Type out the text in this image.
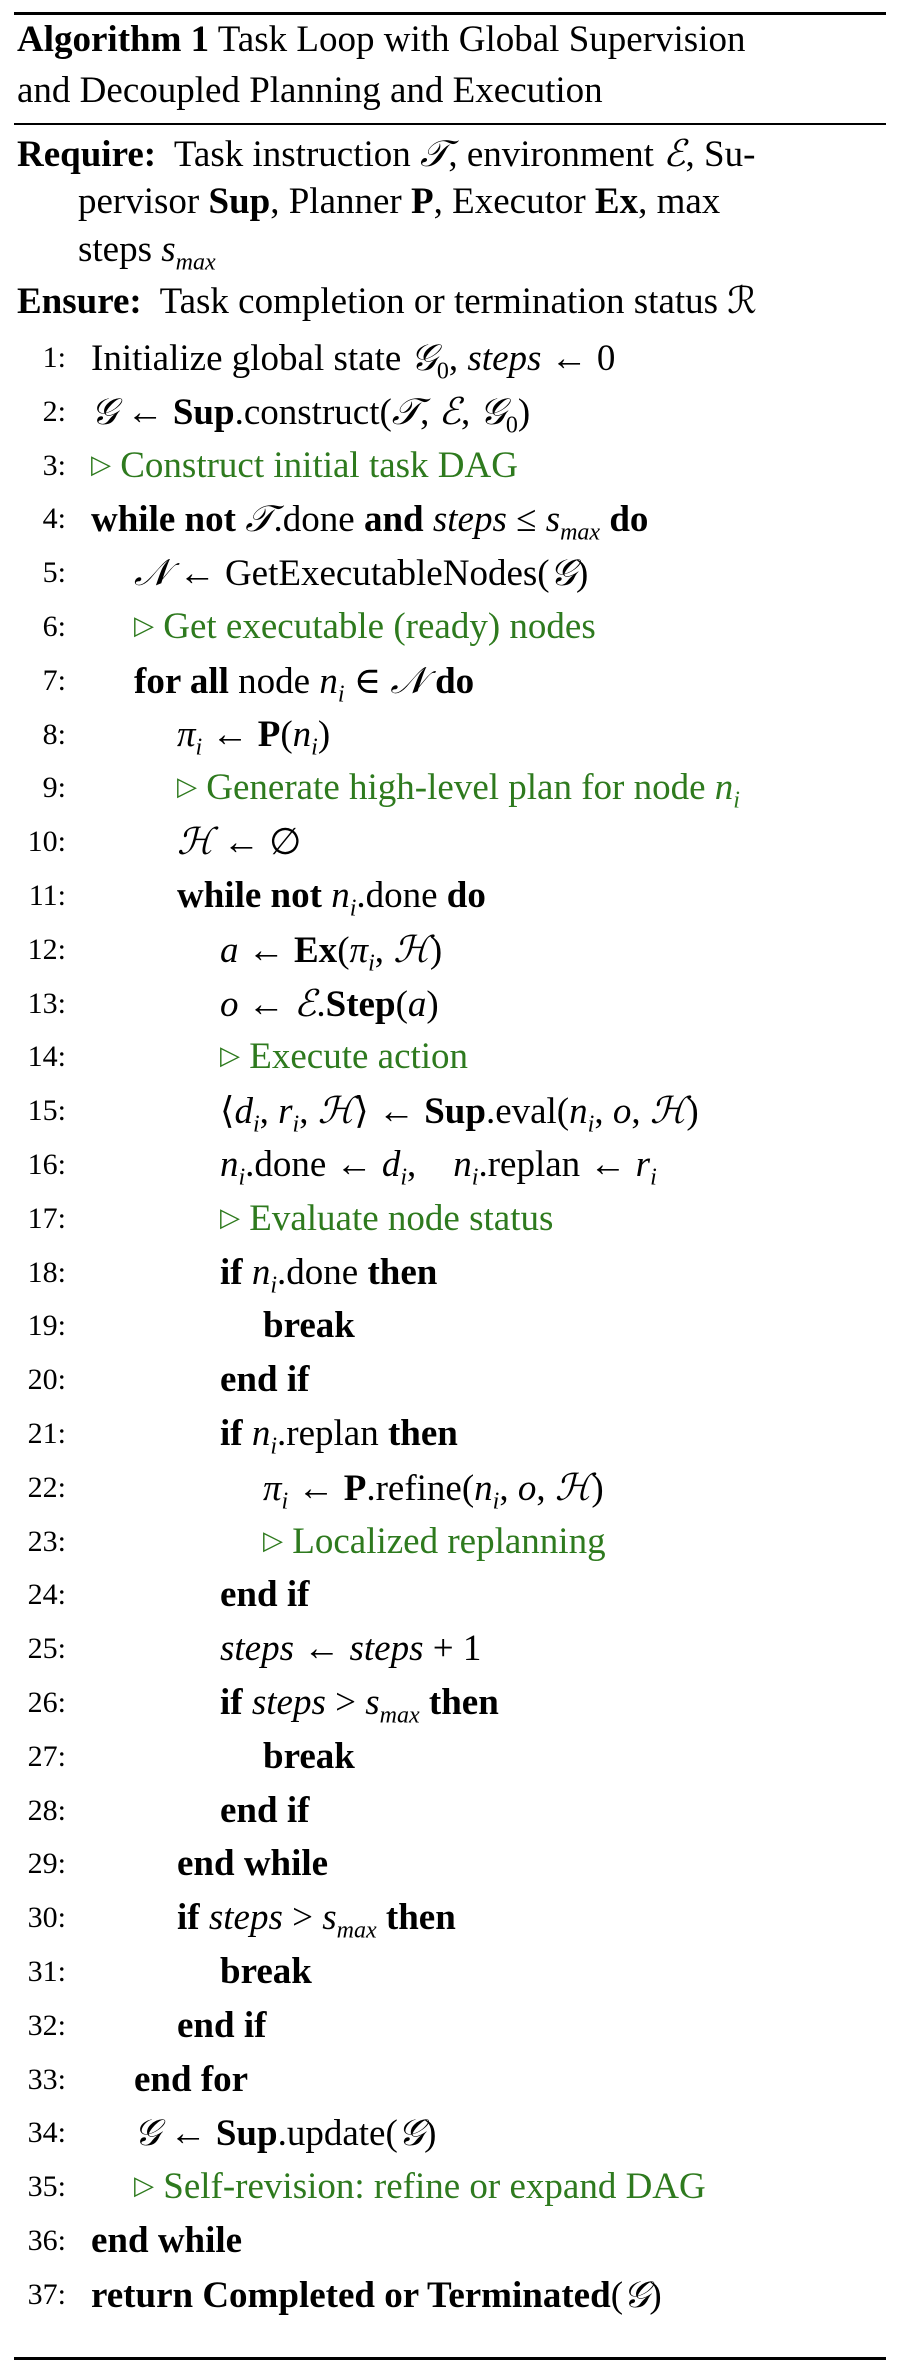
Algorithm 1 Task Loop with Global Supervision
and Decoupled Planning and Execution
Require:  Task instruction 𝒯, environment ℰ, Su-
pervisor Sup, Planner P, Executor Ex, max
steps $s_{max}$
Ensure: Task completion or termination status ℛ
1: Initialize global state 𝒢$_0$, steps ← 0
2: 𝒢 ← Sup.construct(𝒯, ℰ, 𝒢$_0$)
3: ▷ Construct initial task DAG
4: while not 𝒯.done and steps ≤ $s_{max}$ do
5: 𝒩 ← GetExecutableNodes(𝒢)
6:	▷ Get executable (ready) nodes
7: for all node $n_i$ ∈ 𝒩 do
8:	$\pi_i$ ← $P(n_i)$
9:	▷ Generate high-level plan for node $n_i$
10:	ℋ ← ∅
11:	while not $n_i.done$ do
12:	a ← $Ex(\pi_i$, ℋ)
13:	o ← ℰ.Step(a)
14:	▷ Execute action
15:	$⟨d_i$, $r_i$, ℋ⟩ ← $Sup.eval(n_i$, o, ℋ)
16:	$n_i.done$ ← $d_i$,    $n_i.replan$ ← $r_i$
17:	▷ Evaluate node status
18:	if $n_i.done$ then
19:	break
20:	end if
21:	if $n_i.replan$ then
22:	$\pi_i$ ← $P.refine(n_i$, o, ℋ)
23:	▷ Localized replanning
24:	end if
25:	steps ← steps + 1
26:	if steps > $s_{max}$ then
27:	break
28:	end if
29:	end while
30:	if steps > $s_{max}$ then
31:	break
32:	end if
33: end for
34: 𝒢 ← Sup.update(𝒢)
35:	▷ Self-revision: refine or expand DAG
36: end while
37: return Completed or Terminated(𝒢)
